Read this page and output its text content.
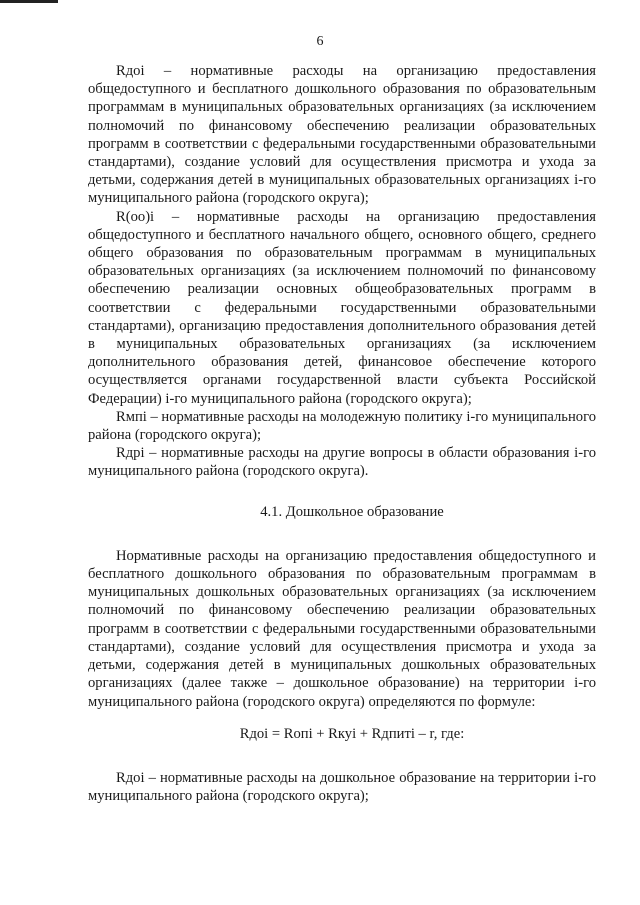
6

Rдоi – нормативные расходы на организацию предоставления общедоступного и бесплатного дошкольного образования по образовательным программам в муниципальных образовательных организациях (за исключением полномочий по финансовому обеспечению реализации образовательных программ в соответствии с федеральными государственными образовательными стандартами), создание условий для осуществления присмотра и ухода за детьми, содержания детей в муниципальных образовательных организациях i-го муниципального района (городского округа);

R(оо)i – нормативные расходы на организацию предоставления общедоступного и бесплатного начального общего, основного общего, среднего общего образования по образовательным программам в муниципальных образовательных организациях (за исключением полномочий по финансовому обеспечению реализации основных общеобразовательных программ в соответствии с федеральными государственными образовательными стандартами), организацию предоставления дополнительного образования детей в муниципальных образовательных организациях (за исключением дополнительного образования детей, финансовое обеспечение которого осуществляется органами государственной власти субъекта Российской Федерации) i-го муниципального района (городского округа);

Rмпi – нормативные расходы на молодежную политику i-го муниципального района (городского округа);

Rдрi – нормативные расходы на другие вопросы в области образования i-го муниципального района (городского округа).

4.1. Дошкольное образование

Нормативные расходы на организацию предоставления общедоступного и бесплатного дошкольного образования по образовательным программам в муниципальных дошкольных образовательных организациях (за исключением полномочий по финансовому обеспечению реализации образовательных программ в соответствии с федеральными государственными образовательными стандартами), создание условий для осуществления присмотра и ухода за детьми, содержания детей в муниципальных дошкольных образовательных организациях (далее также – дошкольное образование) на территории i-го муниципального района (городского округа) определяются по формуле:

Rдоi = Rопi + Rкуi + Rдпитi – r, где:

Rдоi – нормативные расходы на дошкольное образование на территории i-го муниципального района (городского округа);
